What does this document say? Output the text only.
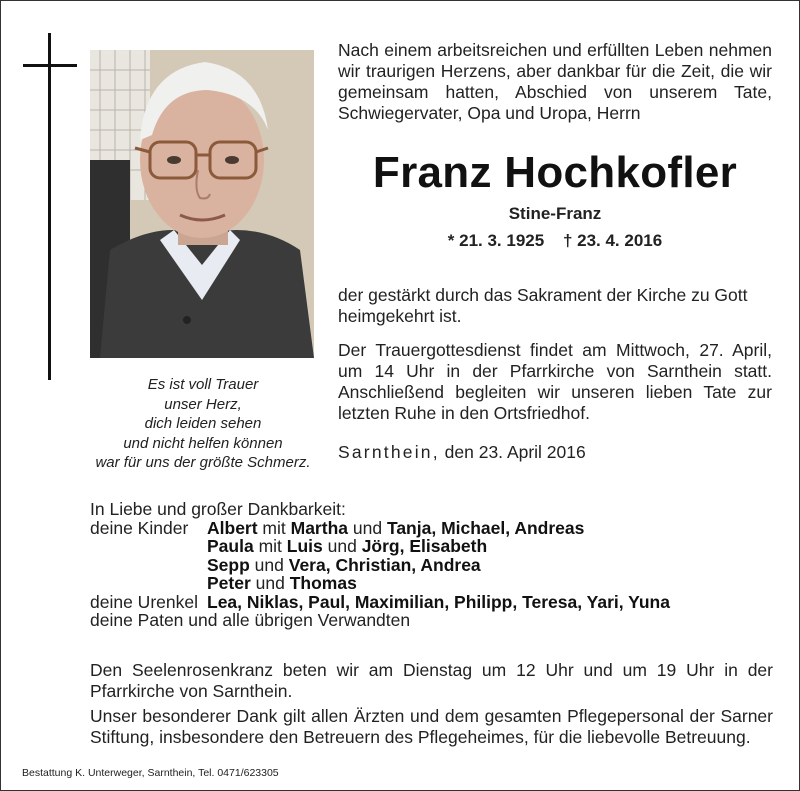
Es ist voll Trauer
unser Herz,
dich leiden sehen
und nicht helfen können
war für uns der größte Schmerz.
Nach einem arbeitsreichen und erfüllten Leben nehmen wir traurigen Herzens, aber dankbar für die Zeit, die wir gemeinsam hatten, Abschied von unserem Tate, Schwiegervater, Opa und Uropa, Herrn
Franz Hochkofler
Stine-Franz
* 21. 3. 1925 † 23. 4. 2016
der gestärkt durch das Sakrament der Kirche zu Gott heimgekehrt ist.
Der Trauergottesdienst findet am Mittwoch, 27. April, um 14 Uhr in der Pfarrkirche von Sarnthein statt. Anschließend begleiten wir unseren lieben Tate zur letzten Ruhe in den Ortsfriedhof.
Sarnthein, den 23. April 2016
In Liebe und großer Dankbarkeit:
deine Kinder Albert mit Martha und Tanja, Michael, Andreas
Paula mit Luis und Jörg, Elisabeth
Sepp und Vera, Christian, Andrea
Peter und Thomas
deine Urenkel Lea, Niklas, Paul, Maximilian, Philipp, Teresa, Yari, Yuna
deine Paten und alle übrigen Verwandten
Den Seelenrosenkranz beten wir am Dienstag um 12 Uhr und um 19 Uhr in der Pfarrkirche von Sarnthein.
Unser besonderer Dank gilt allen Ärzten und dem gesamten Pflegepersonal der Sarner Stiftung, insbesondere den Betreuern des Pflegeheimes, für die liebevolle Betreuung.
Bestattung K. Unterweger, Sarnthein, Tel. 0471/623305
